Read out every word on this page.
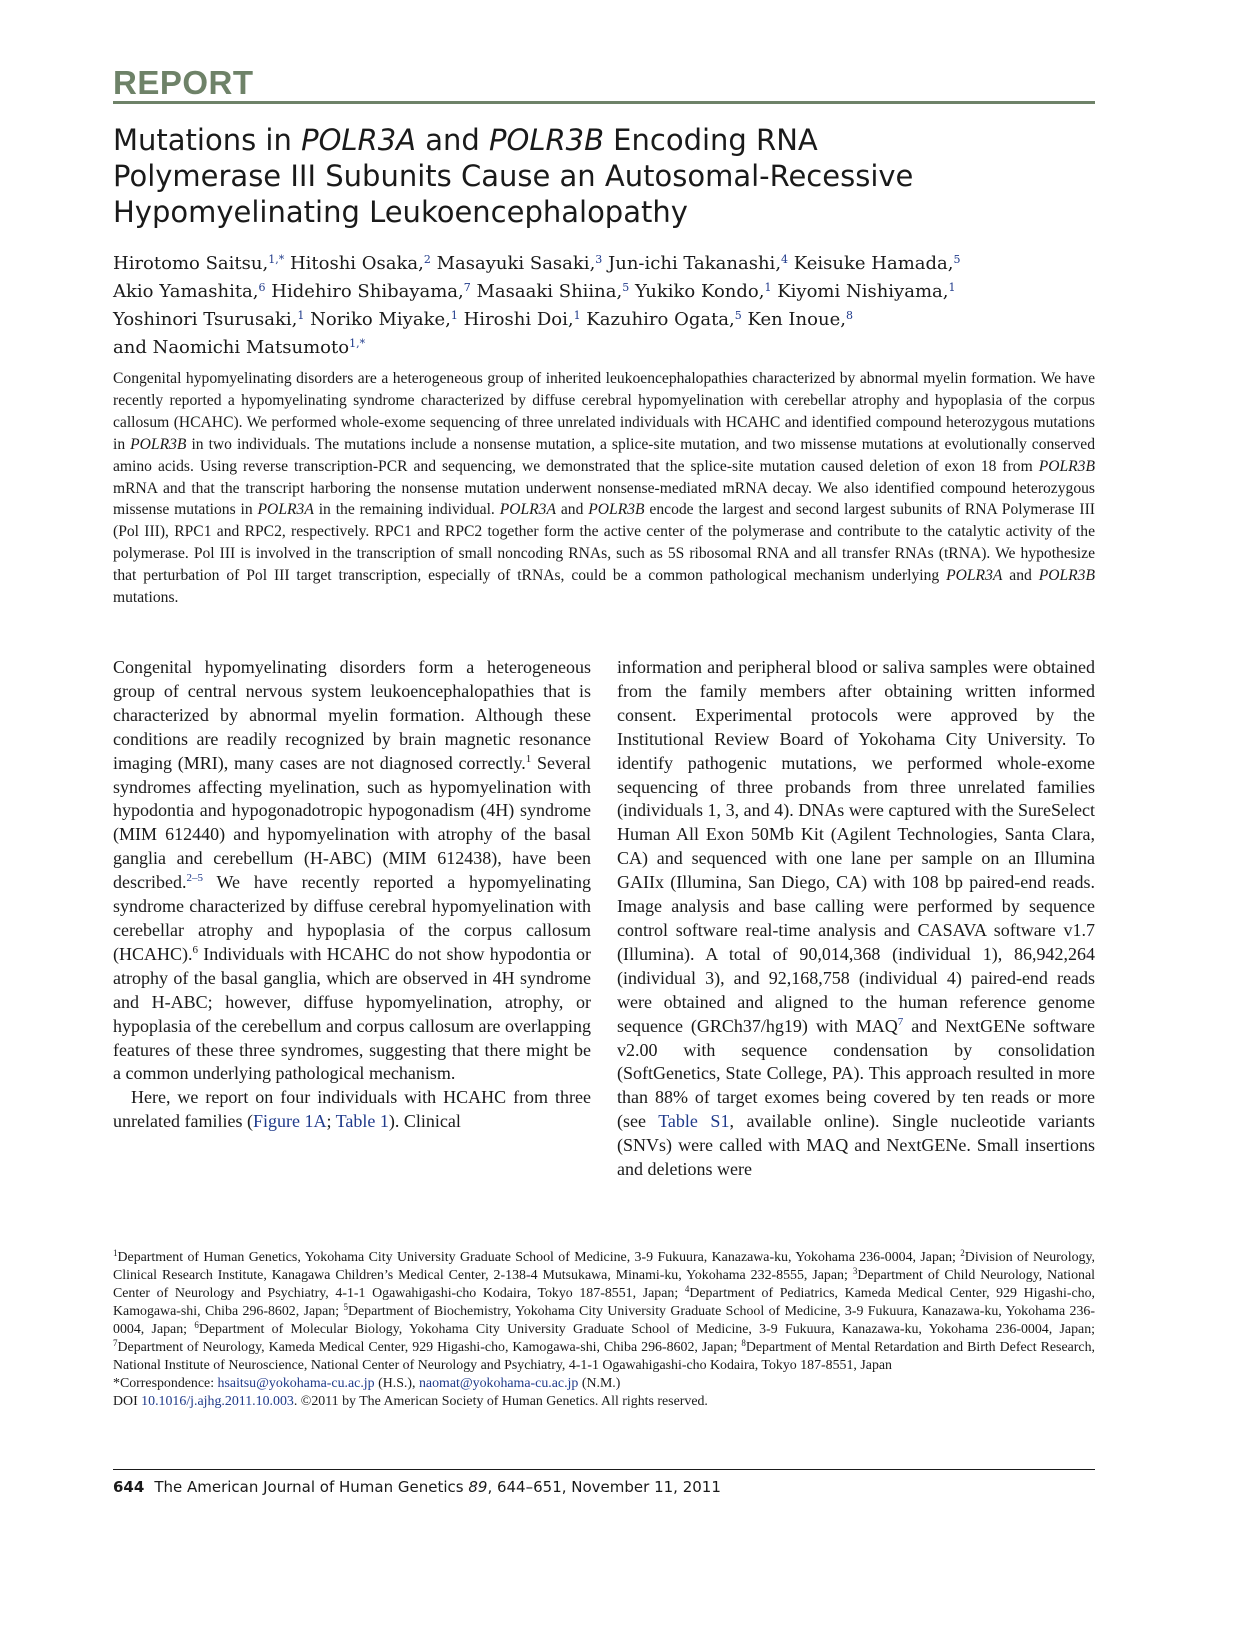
REPORT
Mutations in POLR3A and POLR3B Encoding RNA
Polymerase III Subunits Cause an Autosomal-Recessive
Hypomyelinating Leukoencephalopathy
Hirotomo Saitsu,$^{1,*}$ Hitoshi Osaka,$^2$ Masayuki Sasaki,$^3$ Jun-ichi Takanashi,$^4$ Keisuke Hamada,$^5$
Akio Yamashita,$^6$ Hidehiro Shibayama,$^7$ Masaaki Shiina,$^5$ Yukiko Kondo,$^1$ Kiyomi Nishiyama,$^1$
Yoshinori Tsurusaki,$^1$ Noriko Miyake,$^1$ Hiroshi Doi,$^1$ Kazuhiro Ogata,$^5$ Ken Inoue,$^8$
and Naomichi Matsumoto$^{1,*}$
Congenital hypomyelinating disorders are a heterogeneous group of inherited leukoencephalopathies characterized by abnormal myelin formation. We have recently reported a hypomyelinating syndrome characterized by diffuse cerebral hypomyelination with cerebellar atrophy and hypoplasia of the corpus callosum (HCAHC). We performed whole-exome sequencing of three unrelated individuals with HCAHC and identified compound heterozygous mutations in POLR3B in two individuals. The mutations include a nonsense mutation, a splice-site mutation, and two missense mutations at evolutionally conserved amino acids. Using reverse transcription-PCR and sequencing, we demonstrated that the splice-site mutation caused deletion of exon 18 from POLR3B mRNA and that the transcript harboring the nonsense mutation underwent nonsense-mediated mRNA decay. We also identified compound heterozygous missense mutations in POLR3A in the remaining individual. POLR3A and POLR3B encode the largest and second largest subunits of RNA Polymerase III (Pol III), RPC1 and RPC2, respectively. RPC1 and RPC2 together form the active center of the polymerase and contribute to the catalytic activity of the polymerase. Pol III is involved in the transcription of small noncoding RNAs, such as 5S ribosomal RNA and all transfer RNAs (tRNA). We hypothesize that perturbation of Pol III target transcription, especially of tRNAs, could be a common pathological mechanism underlying POLR3A and POLR3B mutations.

Congenital hypomyelinating disorders form a heterogeneous group of central nervous system leukoencephalopathies that is characterized by abnormal myelin formation. Although these conditions are readily recognized by brain magnetic resonance imaging (MRI), many cases are not diagnosed correctly.$^1$ Several syndromes affecting myelination, such as hypomyelination with hypodontia and hypogonadotropic hypogonadism (4H) syndrome (MIM 612440) and hypomyelination with atrophy of the basal ganglia and cerebellum (H-ABC) (MIM 612438), have been described.$^{2-5}$ We have recently reported a hypomyelinating syndrome characterized by diffuse cerebral hypomyelination with cerebellar atrophy and hypoplasia of the corpus callosum (HCAHC).$^6$ Individuals with HCAHC do not show hypodontia or atrophy of the basal ganglia, which are observed in 4H syndrome and H-ABC; however, diffuse hypomyelination, atrophy, or hypoplasia of the cerebellum and corpus callosum are overlapping features of these three syndromes, suggesting that there might be a common underlying pathological mechanism.

Here, we report on four individuals with HCAHC from three unrelated families (Figure 1A; Table 1). Clinical

information and peripheral blood or saliva samples were obtained from the family members after obtaining written informed consent. Experimental protocols were approved by the Institutional Review Board of Yokohama City University. To identify pathogenic mutations, we performed whole-exome sequencing of three probands from three unrelated families (individuals 1, 3, and 4). DNAs were captured with the SureSelect Human All Exon 50Mb Kit (Agilent Technologies, Santa Clara, CA) and sequenced with one lane per sample on an Illumina GAIIx (Illumina, San Diego, CA) with 108 bp paired-end reads. Image analysis and base calling were performed by sequence control software real-time analysis and CASAVA software v1.7 (Illumina). A total of 90,014,368 (individual 1), 86,942,264 (individual 3), and 92,168,758 (individual 4) paired-end reads were obtained and aligned to the human reference genome sequence (GRCh37/hg19) with MAQ$^7$ and NextGENe software v2.00 with sequence condensation by consolidation (SoftGenetics, State College, PA). This approach resulted in more than 88% of target exomes being covered by ten reads or more (see Table S1, available online). Single nucleotide variants (SNVs) were called with MAQ and NextGENe. Small insertions and deletions were

$^1$Department of Human Genetics, Yokohama City University Graduate School of Medicine, 3-9 Fukuura, Kanazawa-ku, Yokohama 236-0004, Japan; $^2$Division of Neurology, Clinical Research Institute, Kanagawa Children’s Medical Center, 2-138-4 Mutsukawa, Minami-ku, Yokohama 232-8555, Japan; $^3$Department of Child Neurology, National Center of Neurology and Psychiatry, 4-1-1 Ogawahigashi-cho Kodaira, Tokyo 187-8551, Japan; $^4$Department of Pediatrics, Kameda Medical Center, 929 Higashi-cho, Kamogawa-shi, Chiba 296-8602, Japan; $^5$Department of Biochemistry, Yokohama City University Graduate School of Medicine, 3-9 Fukuura, Kanazawa-ku, Yokohama 236-0004, Japan; $^6$Department of Molecular Biology, Yokohama City University Graduate School of Medicine, 3-9 Fukuura, Kanazawa-ku, Yokohama 236-0004, Japan; $^7$Department of Neurology, Kameda Medical Center, 929 Higashi-cho, Kamogawa-shi, Chiba 296-8602, Japan; $^8$Department of Mental Retardation and Birth Defect Research, National Institute of Neuroscience, National Center of Neurology and Psychiatry, 4-1-1 Ogawahigashi-cho Kodaira, Tokyo 187-8551, Japan
*Correspondence: hsaitsu@yokohama-cu.ac.jp (H.S.), naomat@yokohama-cu.ac.jp (N.M.)
DOI 10.1016/j.ajhg.2011.10.003. ©2011 by The American Society of Human Genetics. All rights reserved.
644 The American Journal of Human Genetics 89, 644–651, November 11, 2011
